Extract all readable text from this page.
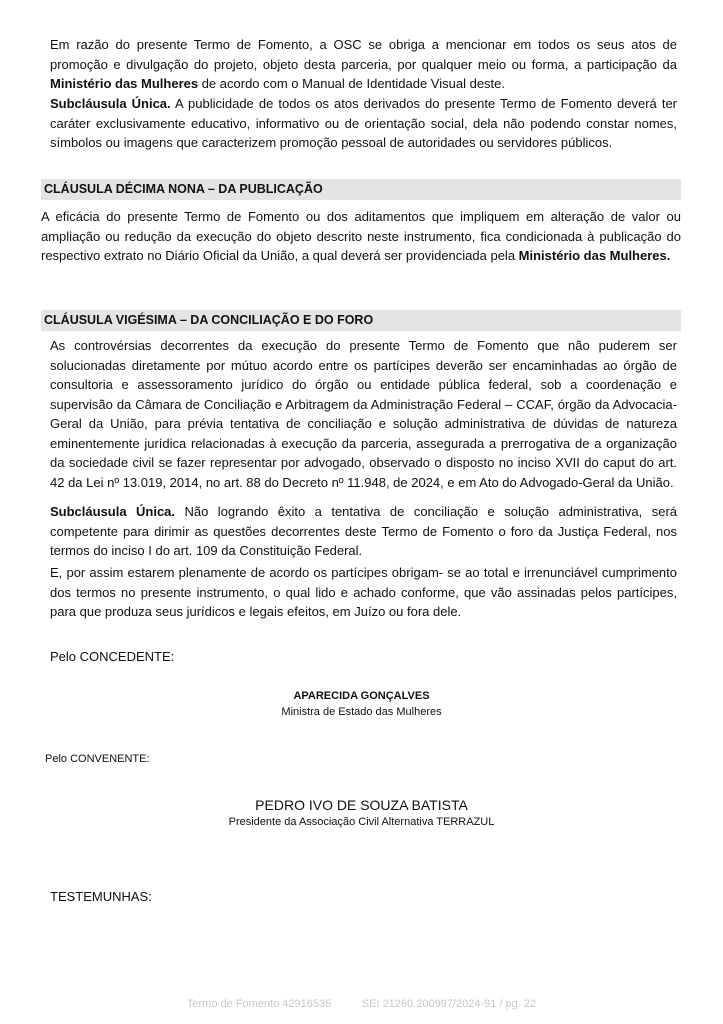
Em razão do presente Termo de Fomento, a OSC se obriga a mencionar em todos os seus atos de promoção e divulgação do projeto, objeto desta parceria, por qualquer meio ou forma, a participação da Ministério das Mulheres de acordo com o Manual de Identidade Visual deste.

Subcláusula Única. A publicidade de todos os atos derivados do presente Termo de Fomento deverá ter caráter exclusivamente educativo, informativo ou de orientação social, dela não podendo constar nomes, símbolos ou imagens que caracterizem promoção pessoal de autoridades ou servidores públicos.

CLÁUSULA DÉCIMA NONA – DA PUBLICAÇÃO

A eficácia do presente Termo de Fomento ou dos aditamentos que impliquem em alteração de valor ou ampliação ou redução da execução do objeto descrito neste instrumento, fica condicionada à publicação do respectivo extrato no Diário Oficial da União, a qual deverá ser providenciada pela Ministério das Mulheres.

CLÁUSULA VIGÉSIMA – DA CONCILIAÇÃO E DO FORO

As controvérsias decorrentes da execução do presente Termo de Fomento que não puderem ser solucionadas diretamente por mútuo acordo entre os partícipes deverão ser encaminhadas ao órgão de consultoria e assessoramento jurídico do órgão ou entidade pública federal, sob a coordenação e supervisão da Câmara de Conciliação e Arbitragem da Administração Federal – CCAF, órgão da Advocacia-Geral da União, para prévia tentativa de conciliação e solução administrativa de dúvidas de natureza eminentemente jurídica relacionadas à execução da parceria, assegurada a prerrogativa de a organização da sociedade civil se fazer representar por advogado, observado o disposto no inciso XVII do caput do art. 42 da Lei nº 13.019, 2014, no art. 88 do Decreto nº 11.948, de 2024, e em Ato do Advogado-Geral da União.

Subcláusula Única. Não logrando êxito a tentativa de conciliação e solução administrativa, será competente para dirimir as questões decorrentes deste Termo de Fomento o foro da Justiça Federal, nos termos do inciso I do art. 109 da Constituição Federal.

E, por assim estarem plenamente de acordo os partícipes obrigam- se ao total e irrenunciável cumprimento dos termos no presente instrumento, o qual lido e achado conforme, que vão assinadas pelos partícipes, para que produza seus jurídicos e legais efeitos, em Juízo ou fora dele.

Pelo CONCEDENTE:

APARECIDA GONÇALVES

Ministra de Estado das Mulheres

Pelo CONVENENTE:

PEDRO IVO DE SOUZA BATISTA

Presidente da Associação Civil Alternativa TERRAZUL

TESTEMUNHAS:

Termo de Fomento 42916535	SEI 21260.200997/2024-91 / pg. 22
